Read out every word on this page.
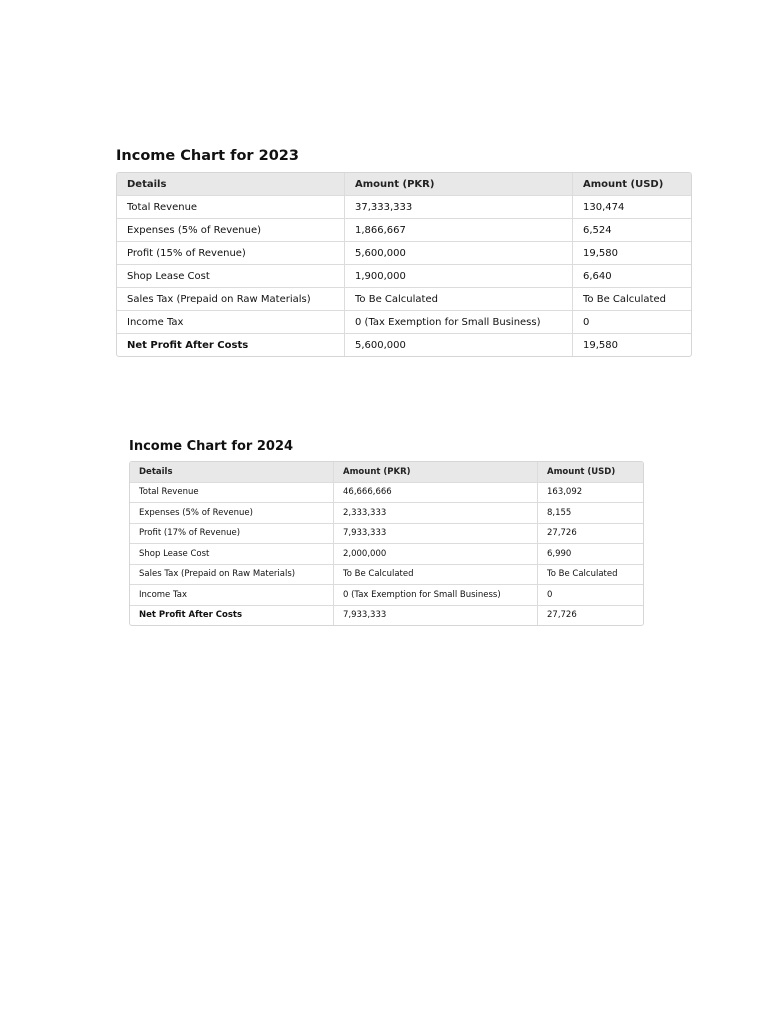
Income Chart for 2023
Details	Amount (PKR)	Amount (USD)
Total Revenue	37,333,333	130,474
Expenses (5% of Revenue)	1,866,667	6,524
Profit (15% of Revenue)	5,600,000	19,580
Shop Lease Cost	1,900,000	6,640
Sales Tax (Prepaid on Raw Materials)	To Be Calculated	To Be Calculated
Income Tax	0 (Tax Exemption for Small Business)	0
Net Profit After Costs	5,600,000	19,580
Income Chart for 2024
Details	Amount (PKR)	Amount (USD)
Total Revenue	46,666,666	163,092
Expenses (5% of Revenue)	2,333,333	8,155
Profit (17% of Revenue)	7,933,333	27,726
Shop Lease Cost	2,000,000	6,990
Sales Tax (Prepaid on Raw Materials)	To Be Calculated	To Be Calculated
Income Tax	0 (Tax Exemption for Small Business)	0
Net Profit After Costs	7,933,333	27,726
